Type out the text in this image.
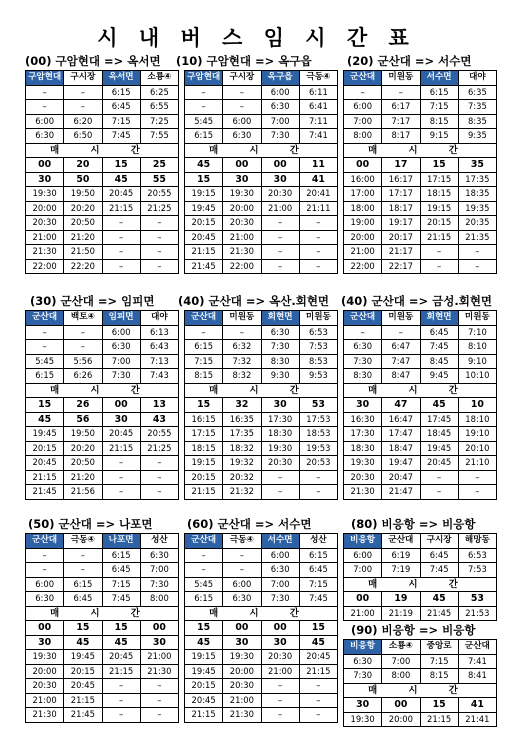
시 내 버 스 임 시 간 표
(00) 구암현대 => 옥서면
구암현대	구시장	옥서면	소룡④
–	–	6:15	6:25
–	–	6:45	6:55
6:00	6:20	7:15	7:25
6:30	6:50	7:45	7:55
매 시 간			
00	20	15	25
30	50	45	55
19:30	19:50	20:45	20:55
20:00	20:20	21:15	21:25
20:30	20:50	–	–
21:00	21:20	–	–
21:30	21:50	–	–
22:00	22:20	–	–
(10) 구암현대 => 옥구읍
구암현대	구시장	옥구읍	극동④
–	–	6:00	6:11
–	–	6:30	6:41
5:45	6:00	7:00	7:11
6:15	6:30	7:30	7:41
매 시 간			
45	00	00	11
15	30	30	41
19:15	19:30	20:30	20:41
19:45	20:00	21:00	21:11
20:15	20:30	–	–
20:45	21:00	–	–
21:15	21:30	–	–
21:45	22:00	–	–
(20) 군산대 => 서수면
군산대	미원동	서수면	대야
–	–	6:15	6:35
6:00	6:17	7:15	7:35
7:00	7:17	8:15	8:35
8:00	8:17	9:15	9:35
매 시 간			
00	17	15	35
16:00	16:17	17:15	17:35
17:00	17:17	18:15	18:35
18:00	18:17	19:15	19:35
19:00	19:17	20:15	20:35
20:00	20:17	21:15	21:35
21:00	21:17	–	–
22:00	22:17	–	–
(30) 군산대 => 임피면
군산대	백토④	임피면	대야
–	–	6:00	6:13
–	–	6:30	6:43
5:45	5:56	7:00	7:13
6:15	6:26	7:30	7:43
매 시 간			
15	26	00	13
45	56	30	43
19:45	19:50	20:45	20:55
20:15	20:20	21:15	21:25
20:45	20:50	–	–
21:15	21:20	–	–
21:45	21:56	–	–
(40) 군산대 => 옥산.회현면
군산대	미원동	회현면	미원동
–	–	6:30	6:53
6:15	6:32	7:30	7:53
7:15	7:32	8:30	8:53
8:15	8:32	9:30	9:53
매 시 간			
15	32	30	53
16:15	16:35	17:30	17:53
17:15	17:35	18:30	18:53
18:15	18:32	19:30	19:53
19:15	19:32	20:30	20:53
20:15	20:32	–	–
21:15	21:32	–	–
(40) 군산대 => 금성.회현면
군산대	미원동	회현면	미원동
–	–	6:45	7:10
6:30	6:47	7:45	8:10
7:30	7:47	8:45	9:10
8:30	8:47	9:45	10:10
매 시 간			
30	47	45	10
16:30	16:47	17:45	18:10
17:30	17:47	18:45	19:10
18:30	18:47	19:45	20:10
19:30	19:47	20:45	21:10
20:30	20:47	–	–
21:30	21:47	–	–
(50) 군산대 => 나포면
군산대	극동④	나포면	성산
–	–	6:15	6:30
–	–	6:45	7:00
6:00	6:15	7:15	7:30
6:30	6:45	7:45	8:00
매 시 간			
00	15	15	00
30	45	45	30
19:30	19:45	20:45	21:00
20:00	20:15	21:15	21:30
20:30	20:45	–	–
21:00	21:15	–	–
21:30	21:45	–	–
(60) 군산대 => 서수면
군산대	극동④	서수면	성산
–	–	6:00	6:15
–	–	6:30	6:45
5:45	6:00	7:00	7:15
6:15	6:30	7:30	7:45
매 시 간			
15	00	00	15
45	30	30	45
19:15	19:30	20:30	20:45
19:45	20:00	21:00	21:15
20:15	20:30	–	–
20:45	21:00	–	–
21:15	21:30	–	–
(80) 비응항 => 비응항
비응항	군산대	구시장	해망동
6:00	6:19	6:45	6:53
7:00	7:19	7:45	7:53
매 시 간			
00	19	45	53
21:00	21:19	21:45	21:53
(90) 비응항 => 비응항
비응항	소룡④	중앙로	군산대
6:30	7:00	7:15	7:41
7:30	8:00	8:15	8:41
매 시 간			
30	00	15	41
19:30	20:00	21:15	21:41
